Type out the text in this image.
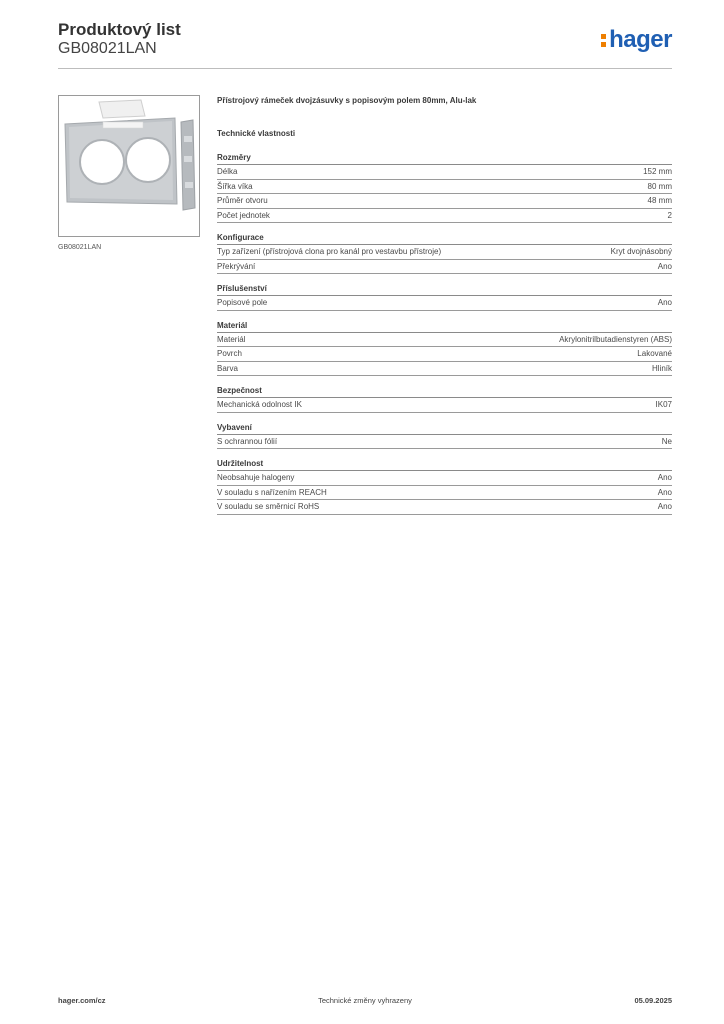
Produktový list
GB08021LAN	hager
GB08021LAN
Přístrojový rámeček dvojzásuvky s popisovým polem 80mm, Alu-lak
Technické vlastnosti
Rozměry
Délka	152 mm
Šířka víka	80 mm
Průměr otvoru	48 mm
Počet jednotek	2
Konfigurace
Typ zařízení (přístrojová clona pro kanál pro vestavbu přístroje)	Kryt dvojnásobný
Překrývání	Ano
Příslušenství
Popisové pole	Ano
Materiál
Materiál	Akrylonitrilbutadienstyren (ABS)
Povrch	Lakované
Barva	Hliník
Bezpečnost
Mechanická odolnost IK	IK07
Vybavení
S ochrannou fólií	Ne
Udržitelnost
Neobsahuje halogeny	Ano
V souladu s nařízením REACH	Ano
V souladu se směrnicí RoHS	Ano
hager.com/cz	Technické změny vyhrazeny	05.09.2025
